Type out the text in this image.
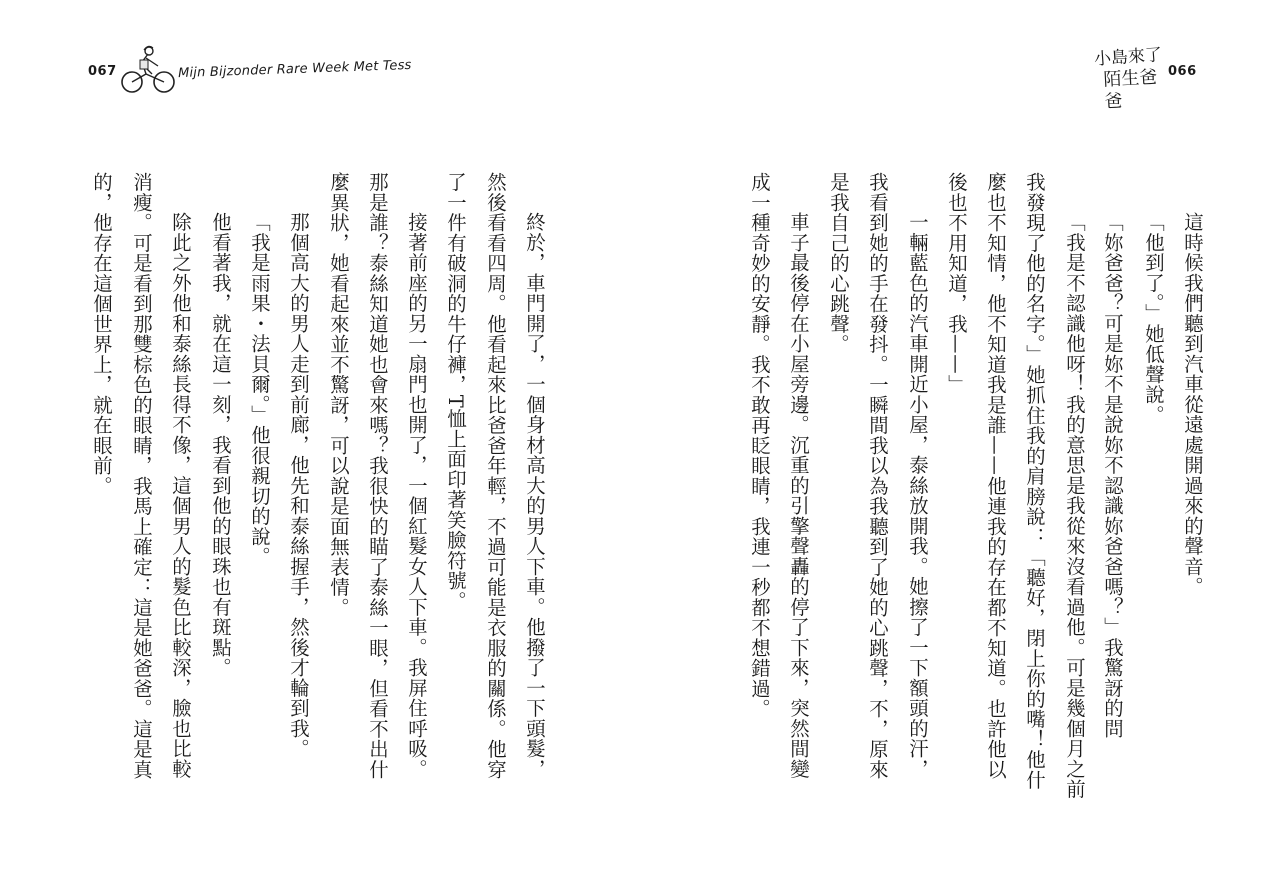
067	Mijn Bijzonder Rare Week Met Tess	小島來了
陌生爸爸
066
這時候我們聽到汽車從遠處開過來的聲音。
「他到了。」她低聲說。
「妳爸爸？可是妳不是說妳不認識妳爸爸嗎？」我驚訝的問
「我是不認識他呀！我的意思是我從來沒看過他。可是幾個月之前
我發現了他的名字。」她抓住我的肩膀說：「聽好，閉上你的嘴！他什
麼也不知情，他不知道我是誰——他連我的存在都不知道。也許他以
後也不用知道，我——」
一輛藍色的汽車開近小屋，泰絲放開我。她擦了一下額頭的汗，
我看到她的手在發抖。一瞬間我以為我聽到了她的心跳聲，不，原來
是我自己的心跳聲。
車子最後停在小屋旁邊。沉重的引擎聲轟的停了下來，突然間變
成一種奇妙的安靜。我不敢再眨眼睛，我連一秒都不想錯過。
終於，車門開了，一個身材高大的男人下車。他撥了一下頭髮，
然後看看四周。他看起來比爸爸年輕，不過可能是衣服的關係。他穿
了一件有破洞的牛仔褲，T恤上面印著笑臉符號。
接著前座的另一扇門也開了，一個紅髮女人下車。我屏住呼吸。
那是誰？泰絲知道她也會來嗎？我很快的瞄了泰絲一眼，但看不出什
麼異狀，她看起來並不驚訝，可以說是面無表情。
那個高大的男人走到前廊，他先和泰絲握手，然後才輪到我。
「我是雨果・法貝爾。」他很親切的說。
他看著我，就在這一刻，我看到他的眼珠也有斑點。
除此之外他和泰絲長得不像，這個男人的髮色比較深，臉也比較
消瘦。可是看到那雙棕色的眼睛，我馬上確定：這是她爸爸。這是真
的，他存在這個世界上，就在眼前。
